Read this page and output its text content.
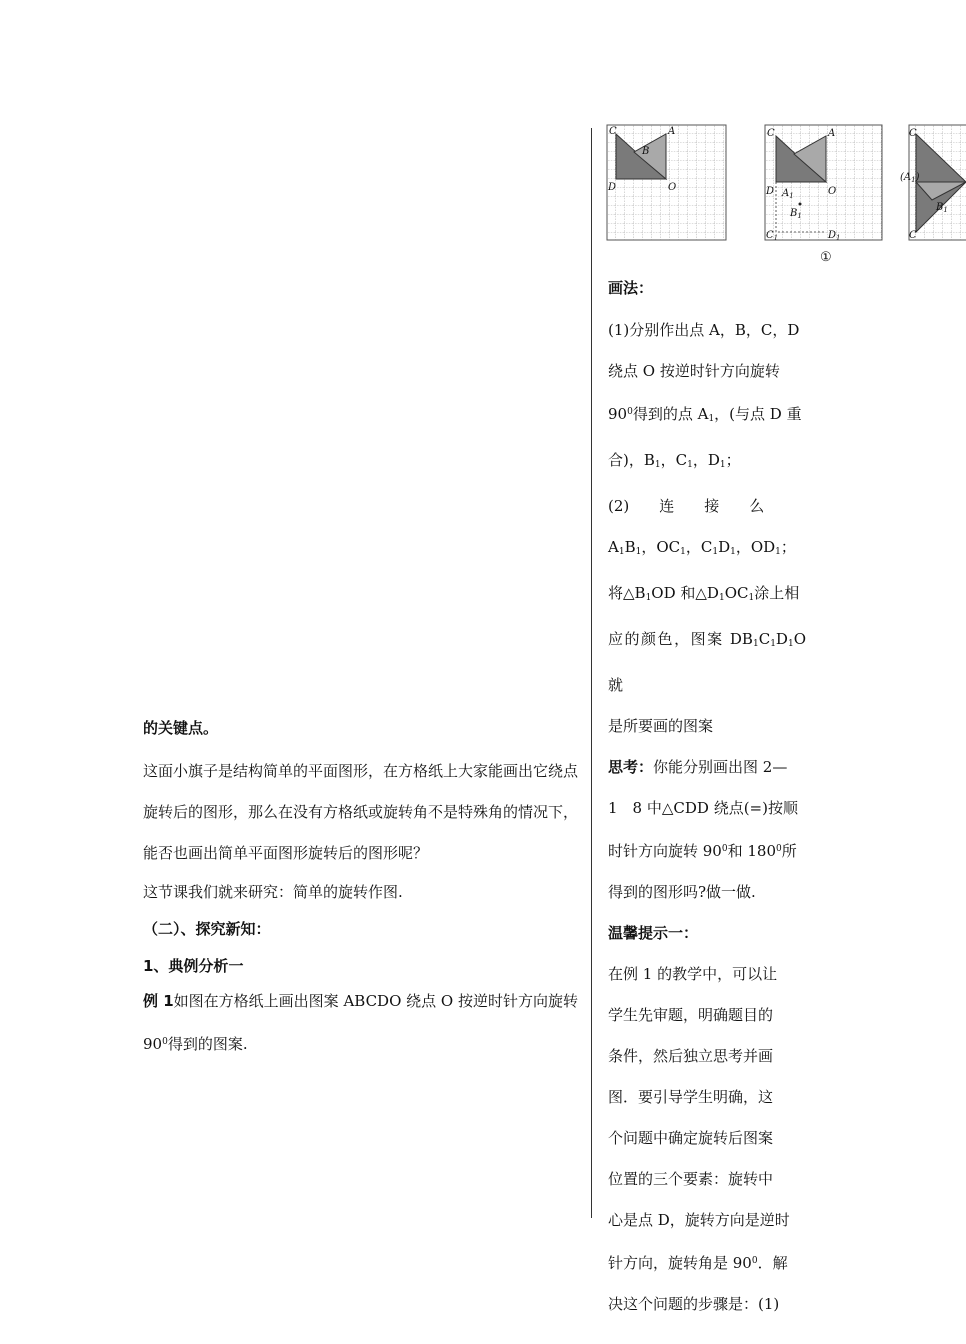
的关键点。
这面小旗子是结构简单的平面图形，在方格纸上大家能画出它绕点旋转后的图形，那么在没有方格纸或旋转角不是特殊角的情况下，能否也画出简单平面图形旋转后的图形呢？
这节课我们就来研究：简单的旋转作图.
（二）、探究新知：
1、典例分析一
例 1如图在方格纸上画出图案 ABCDO 绕点 O 按逆时针方向旋转 $90^0$得到的图案.
C	A
B
D	O
C	A
D	O
$A_1$
$B_1$
$C_1$	$D_1$
C
$(A_1)$
$B_1$
C
①
画法：
(1)分别作出点 A，B，C，D
绕点 O 按逆时针方向旋转
$90^0$得到的点 $A_1$，(与点 D 重
合)，$B_1$，$C_1$，$D_1$；
(2)　　连　　接　　么
$A_1B_1$，$OC_1$，$C_1D_1$，$OD_1$；
将$\triangle B_1OD$ 和$\triangle D_1OC_1$涂上相
应的颜色，图案 $DB_1C_1D_1O$ 就
是所要画的图案
思考：你能分别画出图 2—
1　8 中△CDD 绕点(=)按顺
时针方向旋转 $90^0$和 $180^0$所
得到的图形吗?做一做.
温馨提示一：
在例 1 的教学中，可以让
学生先审题，明确题目的
条件，然后独立思考并画
图．要引导学生明确，这
个问题中确定旋转后图案
位置的三个要素：旋转中
心是点 D，旋转方向是逆时
针方向，旋转角是 $90^0$．解
决这个问题的步骤是：(1)
